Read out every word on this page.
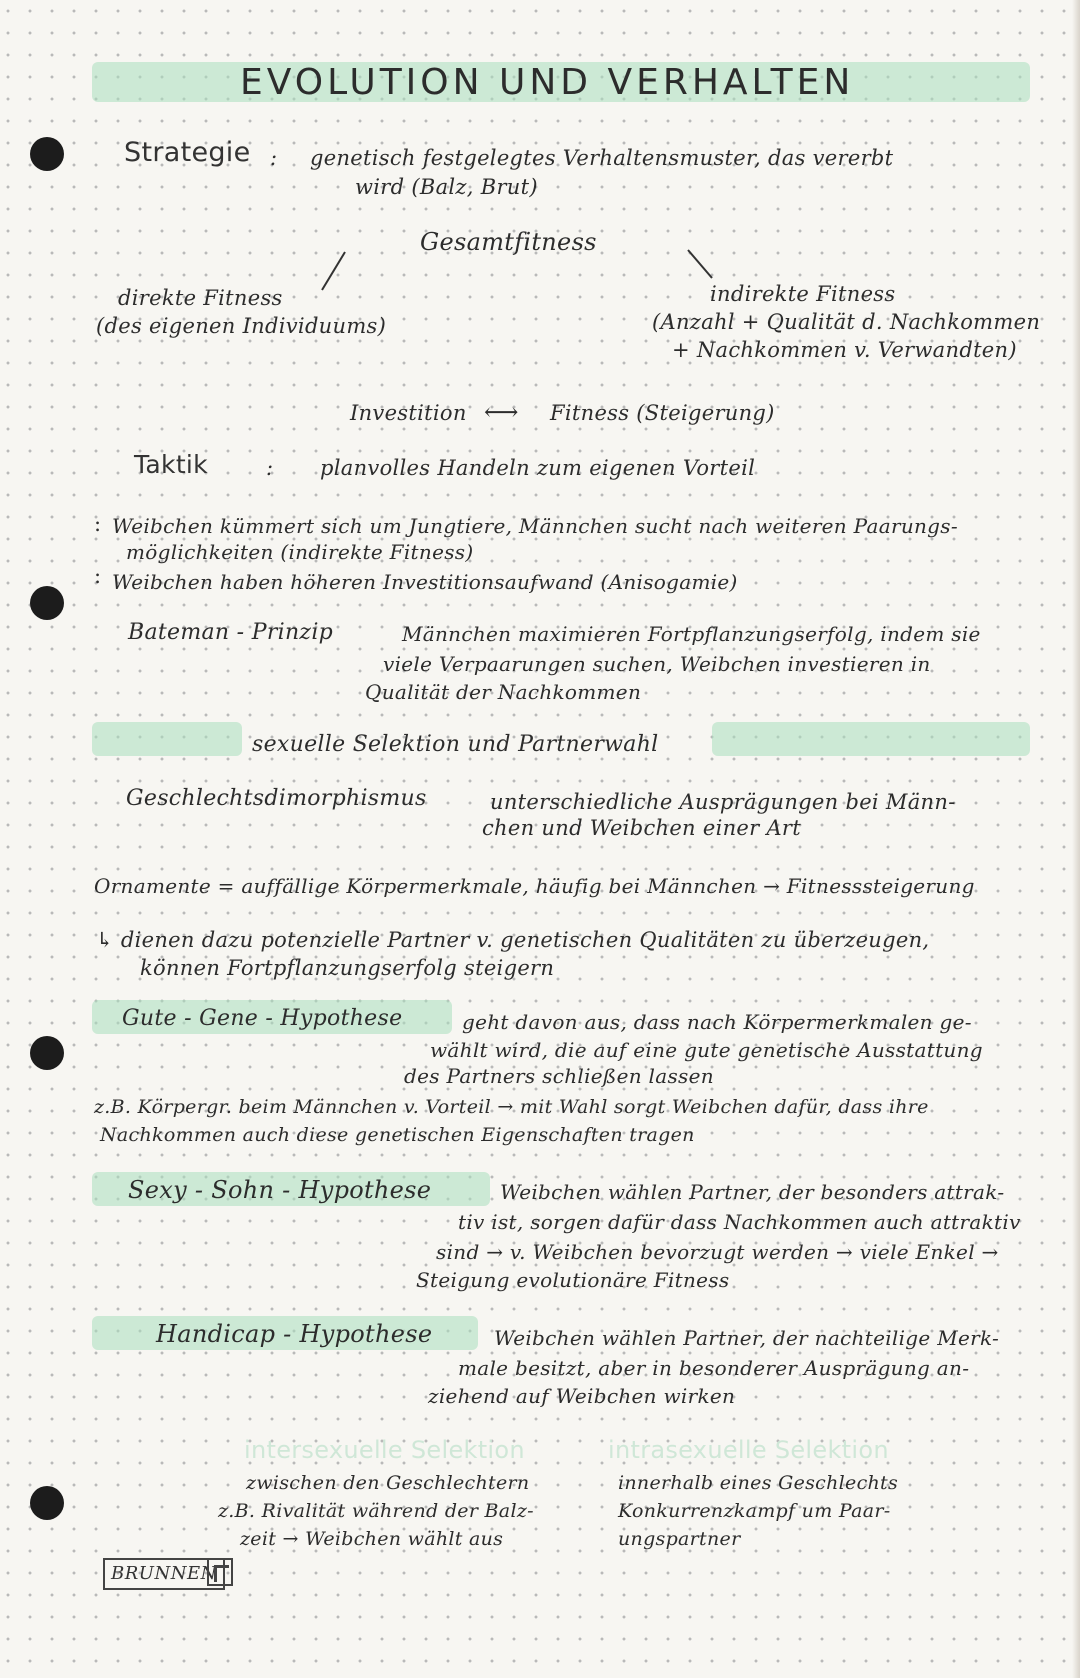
EVOLUTION UND VERHALTEN
Strategie : genetisch festgelegtes Verhaltensmuster, das vererbt
wird (Balz, Brut)
Gesamtfitness
direkte Fitness
(des eigenen Individuums)
indirekte Fitness
(Anzahl + Qualität d. Nachkommen
+ Nachkommen v. Verwandten)
Investition ⟷ Fitness (Steigerung)
Taktik	: planvolles Handeln zum eigenen Vorteil
: Weibchen kümmert sich um Jungtiere, Männchen sucht nach weiteren Paarungs-
möglichkeiten (indirekte Fitness)
: Weibchen haben höheren Investitionsaufwand (Anisogamie)
Bateman - Prinzip	Männchen maximieren Fortpflanzungserfolg, indem sie
viele Verpaarungen suchen, Weibchen investieren in
Qualität der Nachkommen
sexuelle Selektion und Partnerwahl
Geschlechtsdimorphismus	unterschiedliche Ausprägungen bei Männ-
chen und Weibchen einer Art
Ornamente = auffällige Körpermerkmale, häufig bei Männchen → Fitnesssteigerung
↳ dienen dazu potenzielle Partner v. genetischen Qualitäten zu überzeugen,
können Fortpflanzungserfolg steigern
Gute - Gene - Hypothese	geht davon aus, dass nach Körpermerkmalen ge-
wählt wird, die auf eine gute genetische Ausstattung
des Partners schließen lassen
z.B. Körpergr. beim Männchen v. Vorteil → mit Wahl sorgt Weibchen dafür, dass ihre
Nachkommen auch diese genetischen Eigenschaften tragen
Sexy - Sohn - Hypothese	Weibchen wählen Partner, der besonders attrak-
tiv ist, sorgen dafür dass Nachkommen auch attraktiv
sind → v. Weibchen bevorzugt werden → viele Enkel →
Steigung evolutionäre Fitness
Handicap - Hypothese	Weibchen wählen Partner, der nachteilige Merk-
male besitzt, aber in besonderer Ausprägung an-
ziehend auf Weibchen wirken
intersexuelle Selektion
zwischen den Geschlechtern
z.B. Rivalität während der Balz-
zeit → Weibchen wählt aus
intrasexuelle Selektion
innerhalb eines Geschlechts
Konkurrenzkampf um Paar-
ungspartner
BRUNNEN
